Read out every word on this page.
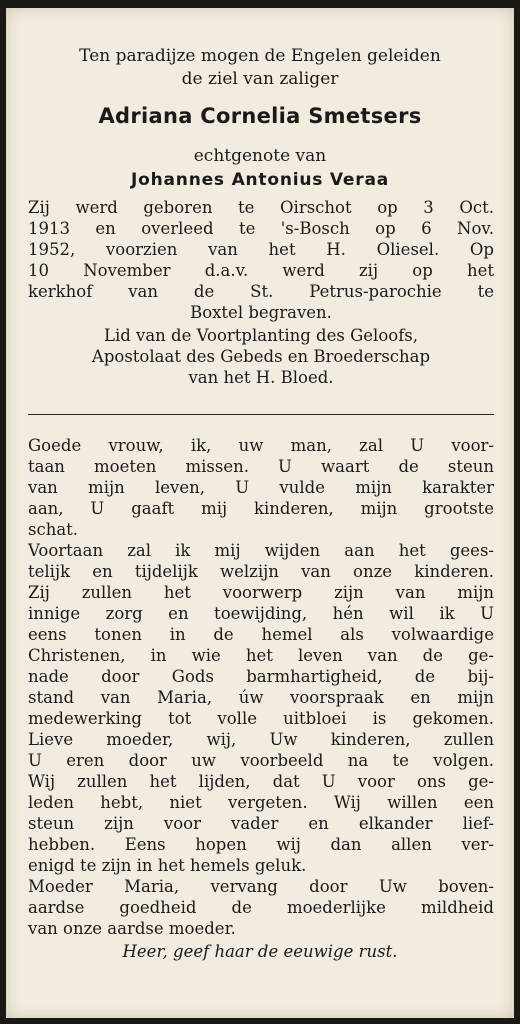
Ten paradijze mogen de Engelen geleiden
de ziel van zaliger
Adriana Cornelia Smetsers
echtgenote van
Johannes Antonius Veraa
Zij werd geboren te Oirschot op 3 Oct.
1913 en overleed te 's-Bosch op 6 Nov.
1952, voorzien van het H. Oliesel. Op
10 November d.a.v. werd zij op het
kerkhof van de St. Petrus-parochie te
Boxtel begraven.
Lid van de Voortplanting des Geloofs,
Apostolaat des Gebeds en Broederschap
van het H. Bloed.
Goede vrouw, ik, uw man, zal U voor-
taan moeten missen. U waart de steun
van mijn leven, U vulde mijn karakter
aan, U gaaft mij kinderen, mijn grootste
schat.
Voortaan zal ik mij wijden aan het gees-
telijk en tijdelijk welzijn van onze kinderen.
Zij zullen het voorwerp zijn van mijn
innige zorg en toewijding, hén wil ik U
eens tonen in de hemel als volwaardige
Christenen, in wie het leven van de ge-
nade door Gods barmhartigheid, de bij-
stand van Maria, úw voorspraak en mijn
medewerking tot volle uitbloei is gekomen.
Lieve moeder, wij, Uw kinderen, zullen
U eren door uw voorbeeld na te volgen.
Wij zullen het lijden, dat U voor ons ge-
leden hebt, niet vergeten. Wij willen een
steun zijn voor vader en elkander lief-
hebben. Eens hopen wij dan allen ver-
enigd te zijn in het hemels geluk.
Moeder Maria, vervang door Uw boven-
aardse goedheid de moederlijke mildheid
van onze aardse moeder.
Heer, geef haar de eeuwige rust.
